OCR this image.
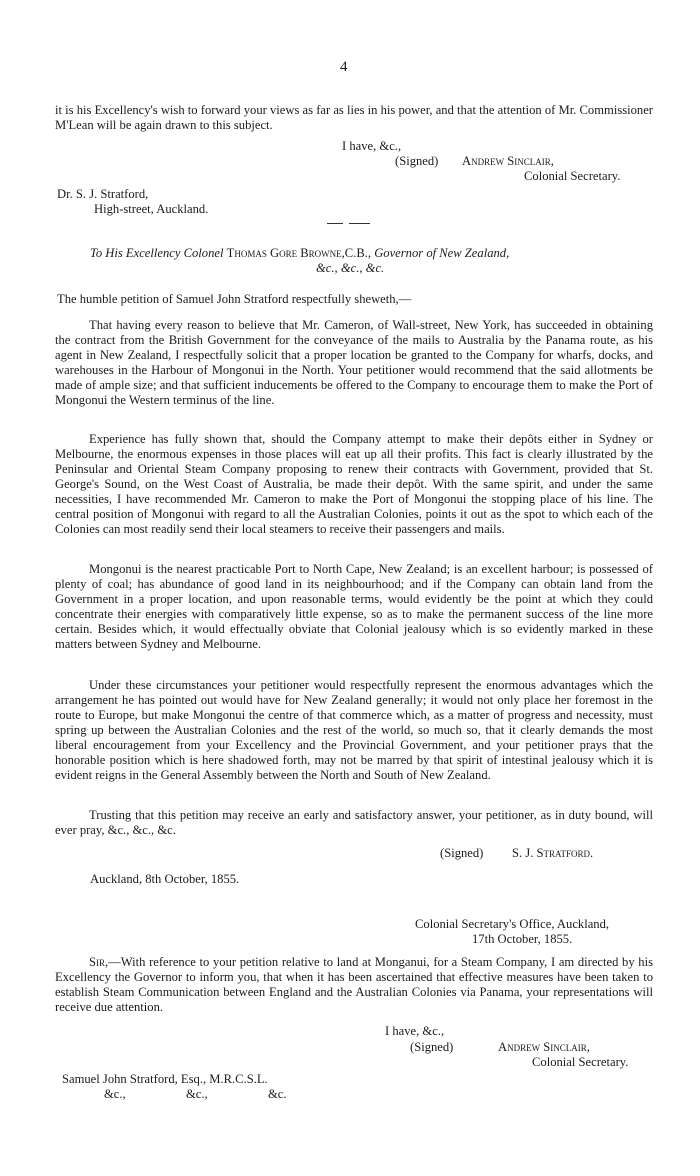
4

it is his Excellency's wish to forward your views as far as lies in his power, and that the attention of Mr. Commissioner M'Lean will be again drawn to this subject.

I have, &c.,
(Signed) Andrew Sinclair,
Colonial Secretary.
Dr. S. J. Stratford,
High-street, Auckland.
To His Excellency Colonel Thomas Gore Browne,C.B., Governor of New Zealand,
&c., &c., &c.
The humble petition of Samuel John Stratford respectfully sheweth,—

That having every reason to believe that Mr. Cameron, of Wall-street, New York, has succeeded in obtaining the contract from the British Government for the conveyance of the mails to Australia by the Panama route, as his agent in New Zealand, I respectfully solicit that a proper location be granted to the Company for wharfs, docks, and warehouses in the Harbour of Mongonui in the North. Your petitioner would recommend that the said allotments be made of ample size; and that sufficient inducements be offered to the Company to encourage them to make the Port of Mongonui the Western terminus of the line.

Experience has fully shown that, should the Company attempt to make their depôts either in Sydney or Melbourne, the enormous expenses in those places will eat up all their profits. This fact is clearly illustrated by the Peninsular and Oriental Steam Company proposing to renew their contracts with Government, provided that St. George's Sound, on the West Coast of Australia, be made their depôt. With the same spirit, and under the same necessities, I have recommended Mr. Cameron to make the Port of Mongonui the stopping place of his line. The central position of Mongonui with regard to all the Australian Colonies, points it out as the spot to which each of the Colonies can most readily send their local steamers to receive their passengers and mails.

Mongonui is the nearest practicable Port to North Cape, New Zealand; is an excellent harbour; is possessed of plenty of coal; has abundance of good land in its neighbourhood; and if the Company can obtain land from the Government in a proper location, and upon reasonable terms, would evidently be the point at which they could concentrate their energies with comparatively little expense, so as to make the permanent success of the line more certain. Besides which, it would effectually obviate that Colonial jealousy which is so evidently marked in these matters between Sydney and Melbourne.

Under these circumstances your petitioner would respectfully represent the enormous advantages which the arrangement he has pointed out would have for New Zealand generally; it would not only place her foremost in the route to Europe, but make Mongonui the centre of that commerce which, as a matter of progress and necessity, must spring up between the Australian Colonies and the rest of the world, so much so, that it clearly demands the most liberal encouragement from your Excellency and the Provincial Government, and your petitioner prays that the honorable position which is here shadowed forth, may not be marred by that spirit of intestinal jealousy which it is evident reigns in the General Assembly between the North and South of New Zealand.

Trusting that this petition may receive an early and satisfactory answer, your petitioner, as in duty bound, will ever pray, &c., &c., &c.

(Signed) S. J. Stratford.
Auckland, 8th October, 1855.
Colonial Secretary's Office, Auckland,
17th October, 1855.

Sir,—With reference to your petition relative to land at Monganui, for a Steam Company, I am directed by his Excellency the Governor to inform you, that when it has been ascertained that effective measures have been taken to establish Steam Communication between England and the Australian Colonies via Panama, your representations will receive due attention.

I have, &c.,
(Signed)	Andrew Sinclair,
Colonial Secretary.
Samuel John Stratford, Esq., M.R.C.S.L.
&c.,	&c.,	&c.
